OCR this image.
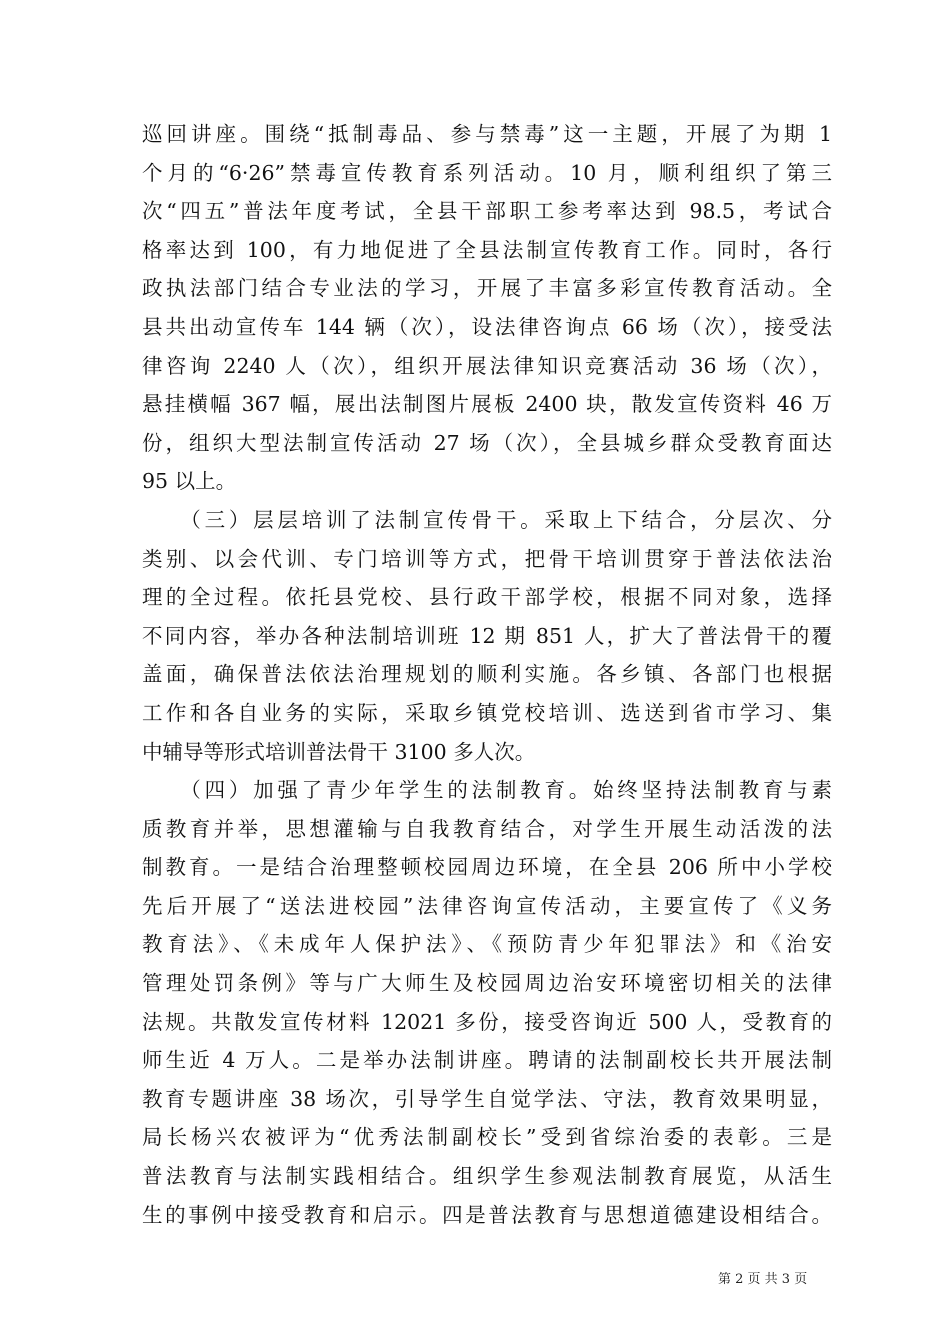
巡回讲座。围绕“抵制毒品、参与禁毒”这一主题，开展了为期 1
个月的“6·26”禁毒宣传教育系列活动。10 月，顺利组织了第三
次“四五”普法年度考试，全县干部职工参考率达到 98.5，考试合
格率达到 100，有力地促进了全县法制宣传教育工作。同时，各行
政执法部门结合专业法的学习，开展了丰富多彩宣传教育活动。全
县共出动宣传车 144 辆（次），设法律咨询点 66 场（次），接受法
律咨询 2240 人（次），组织开展法律知识竞赛活动 36 场（次），
悬挂横幅 367 幅，展出法制图片展板 2400 块，散发宣传资料 46 万
份，组织大型法制宣传活动 27 场（次），全县城乡群众受教育面达
95 以上。
　　（三）层层培训了法制宣传骨干。采取上下结合，分层次、分
类别、以会代训、专门培训等方式，把骨干培训贯穿于普法依法治
理的全过程。依托县党校、县行政干部学校，根据不同对象，选择
不同内容，举办各种法制培训班 12 期 851 人，扩大了普法骨干的覆
盖面，确保普法依法治理规划的顺利实施。各乡镇、各部门也根据
工作和各自业务的实际，采取乡镇党校培训、选送到省市学习、集
中辅导等形式培训普法骨干 3100 多人次。
　　（四）加强了青少年学生的法制教育。始终坚持法制教育与素
质教育并举，思想灌输与自我教育结合，对学生开展生动活泼的法
制教育。一是结合治理整顿校园周边环境，在全县 206 所中小学校
先后开展了“送法进校园”法律咨询宣传活动，主要宣传了《义务
教育法》、《未成年人保护法》、《预防青少年犯罪法》和《治安
管理处罚条例》等与广大师生及校园周边治安环境密切相关的法律
法规。共散发宣传材料 12021 多份，接受咨询近 500 人，受教育的
师生近 4 万人。二是举办法制讲座。聘请的法制副校长共开展法制
教育专题讲座 38 场次，引导学生自觉学法、守法，教育效果明显，
局长杨兴农被评为“优秀法制副校长”受到省综治委的表彰。三是
普法教育与法制实践相结合。组织学生参观法制教育展览，从活生
生的事例中接受教育和启示。四是普法教育与思想道德建设相结合。
第 2 页 共 3 页
